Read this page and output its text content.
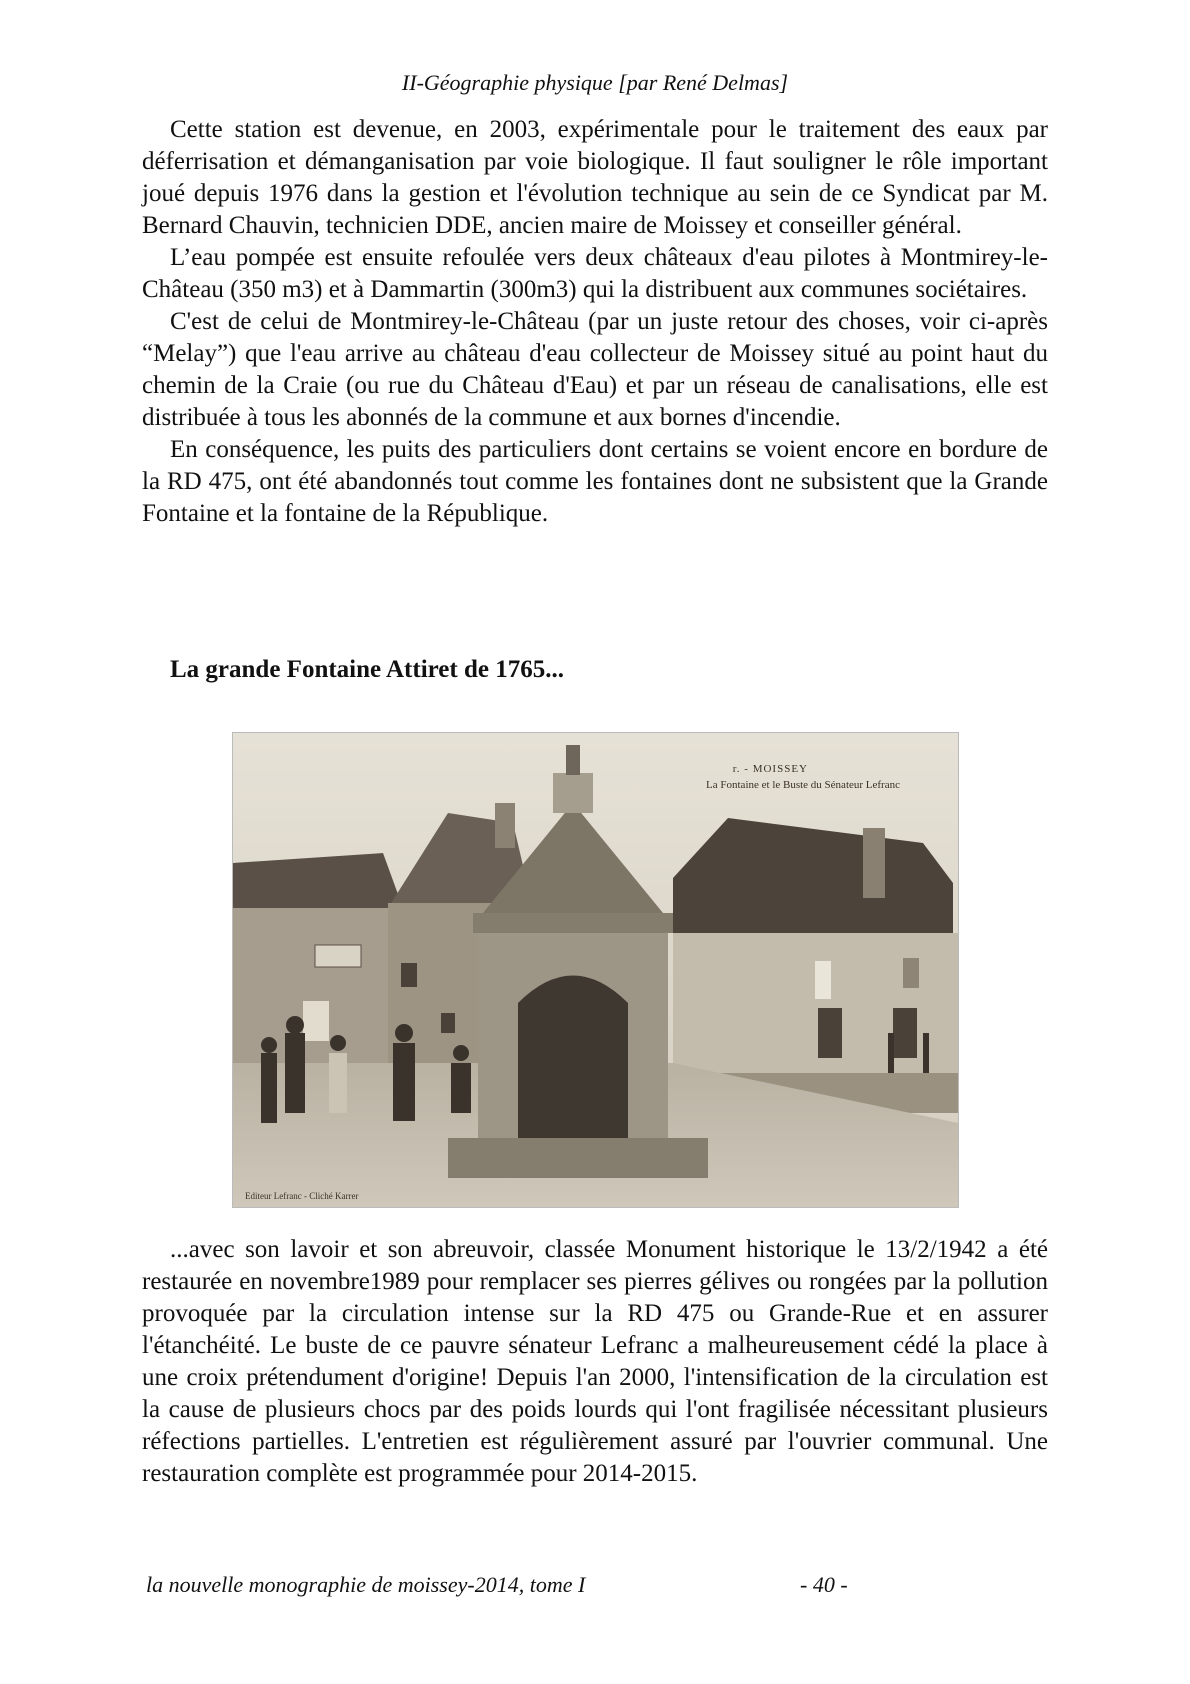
II-Géographie physique [par René Delmas]

Cette station est devenue, en 2003, expérimentale pour le traitement des eaux par déferrisation et démanganisation par voie biologique. Il faut souligner le rôle important joué depuis 1976 dans la gestion et l'évolution technique au sein de ce Syndicat par M. Bernard Chauvin, technicien DDE, ancien maire de Moissey et conseiller général.

L’eau pompée est ensuite refoulée vers deux châteaux d'eau pilotes à Montmirey-le-Château (350 m3) et à Dammartin (300m3) qui la distribuent aux communes sociétaires.

C'est de celui de Montmirey-le-Château (par un juste retour des choses, voir ci-après “Melay”) que l'eau arrive au château d'eau collecteur de Moissey situé au point haut du chemin de la Craie (ou rue du Château d'Eau) et par un réseau de canalisations, elle est distribuée à tous les abonnés de la commune et aux bornes d'incendie.

En conséquence, les puits des particuliers dont certains se voient encore en bordure de la RD 475, ont été abandonnés tout comme les fontaines dont ne subsistent que la Grande Fontaine et la fontaine de la République.

La grande Fontaine Attiret de 1765...
r. - MOISSEY
La Fontaine et le Buste du Sénateur Lefranc
Editeur Lefranc - Cliché Karrer

...avec son lavoir et son abreuvoir, classée Monument historique le 13/2/1942 a été restaurée en novembre1989 pour remplacer ses pierres gélives ou rongées par la pollution provoquée par la circulation intense sur la RD 475 ou Grande-Rue et en assurer l'étanchéité. Le buste de ce pauvre sénateur Lefranc a malheureusement cédé la place à une croix prétendument d'origine! Depuis l'an 2000, l'intensification de la circulation est la cause de plusieurs chocs par des poids lourds qui l'ont fragilisée nécessitant plusieurs réfections partielles. L'entretien est régulièrement assuré par l'ouvrier communal. Une restauration complète est programmée pour 2014-2015.

la nouvelle monographie de moissey-2014, tome I	- 40 -
